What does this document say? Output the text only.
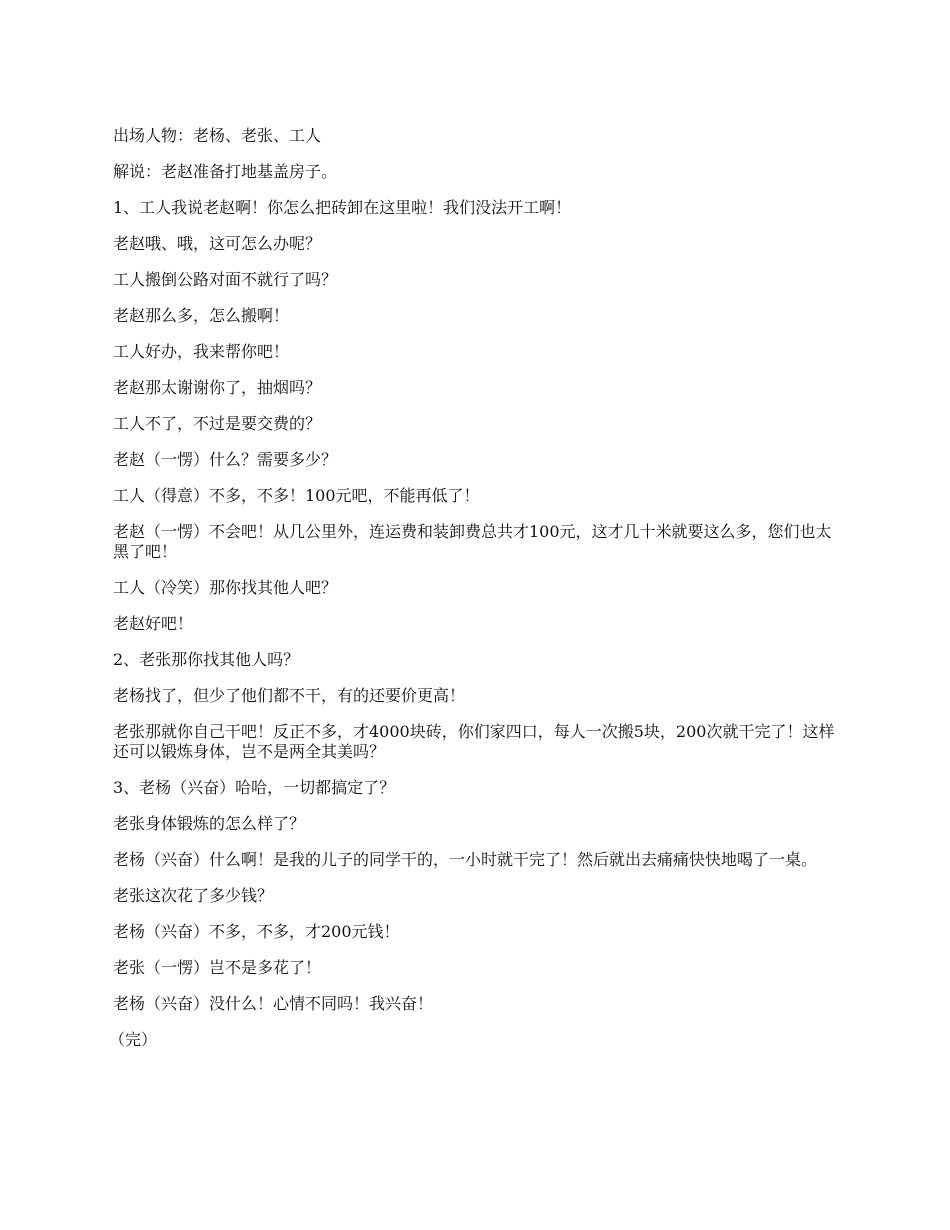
出场人物：老杨、老张、工人

解说：老赵准备打地基盖房子。

1、工人我说老赵啊！你怎么把砖卸在这里啦！我们没法开工啊！

老赵哦、哦，这可怎么办呢？

工人搬倒公路对面不就行了吗？

老赵那么多，怎么搬啊！

工人好办，我来帮你吧！

老赵那太谢谢你了，抽烟吗？

工人不了，不过是要交费的？

老赵（一愣）什么？需要多少？

工人（得意）不多，不多！100元吧，不能再低了！

老赵（一愣）不会吧！从几公里外，连运费和装卸费总共才100元，这才几十米就要这么多，您们也太黑了吧！

工人（冷笑）那你找其他人吧？

老赵好吧！

2、老张那你找其他人吗？

老杨找了，但少了他们都不干，有的还要价更高！

老张那就你自己干吧！反正不多，才4000块砖，你们家四口，每人一次搬5块，200次就干完了！这样还可以锻炼身体，岂不是两全其美吗？

3、老杨（兴奋）哈哈，一切都搞定了？

老张身体锻炼的怎么样了？

老杨（兴奋）什么啊！是我的儿子的同学干的，一小时就干完了！然后就出去痛痛快快地喝了一桌。

老张这次花了多少钱？

老杨（兴奋）不多，不多，才200元钱！

老张（一愣）岂不是多花了！

老杨（兴奋）没什么！心情不同吗！我兴奋！

（完）
